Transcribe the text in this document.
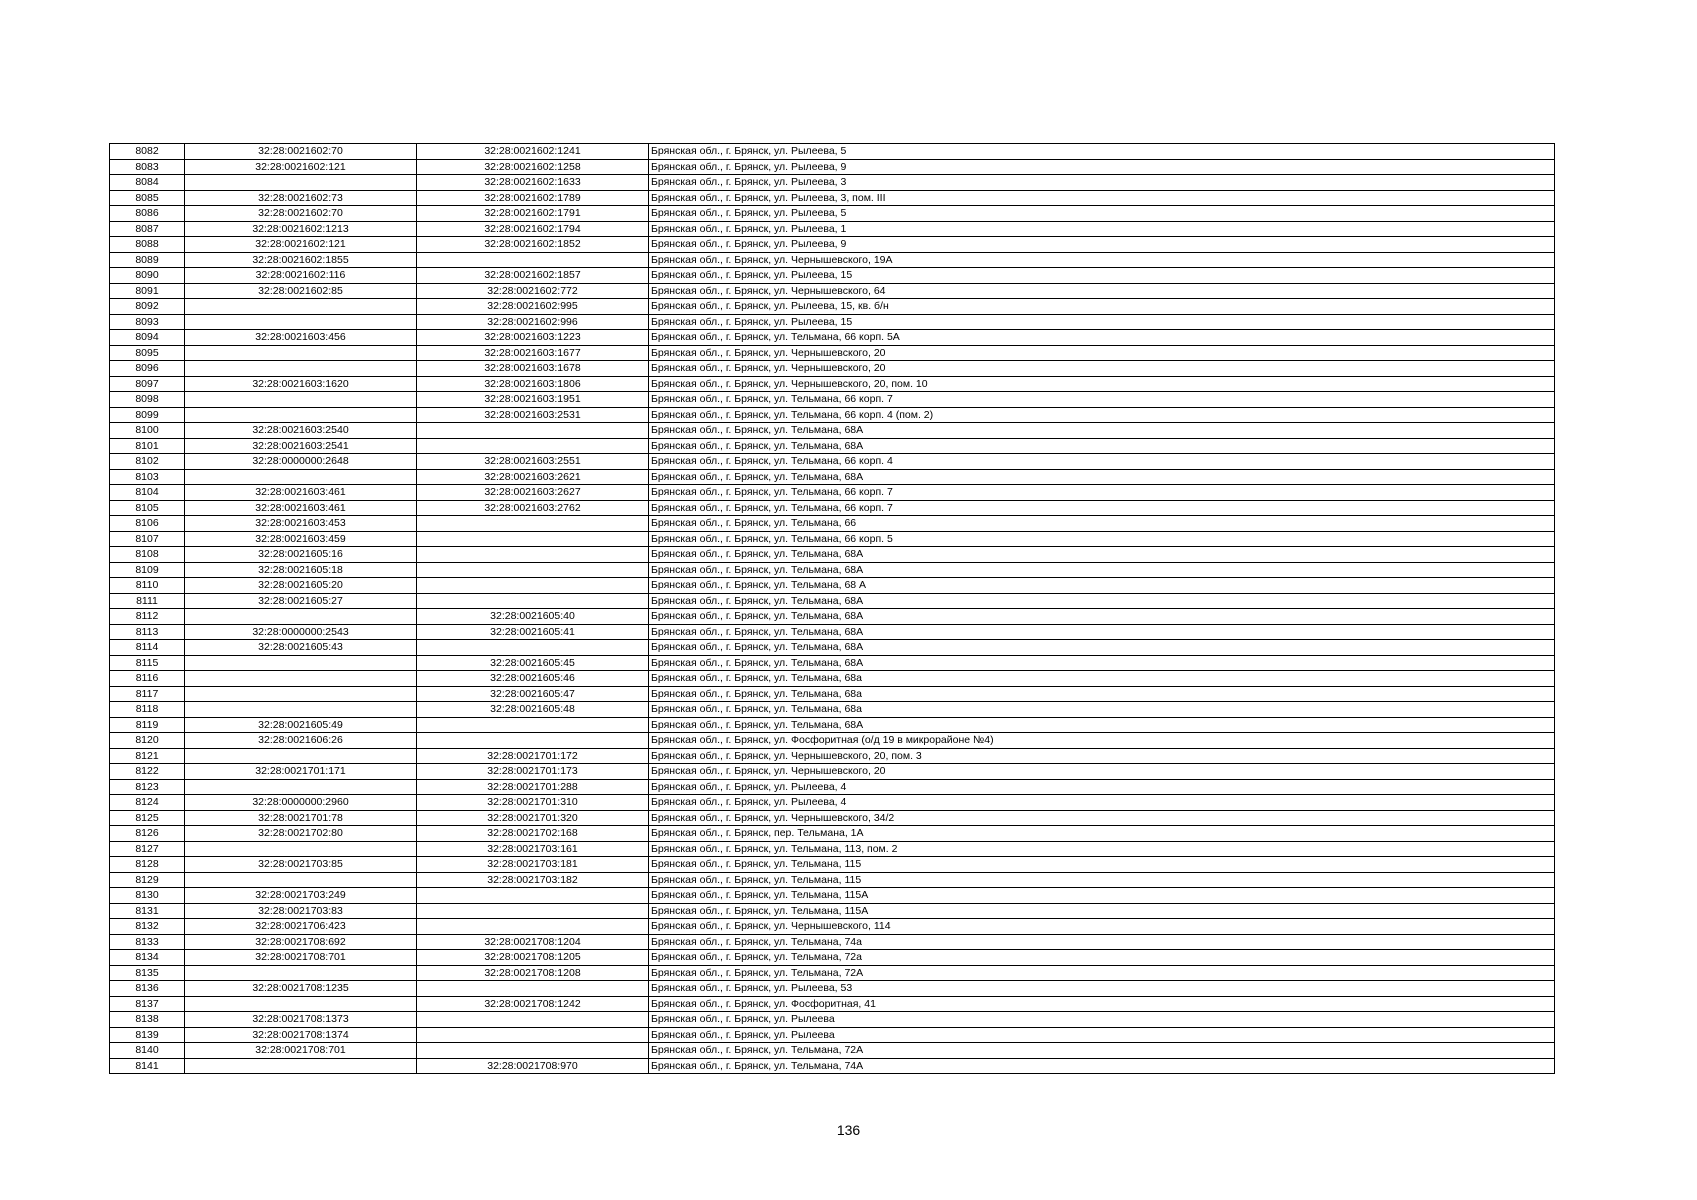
8082	32:28:0021602:70	32:28:0021602:1241	Брянская обл., г. Брянск, ул. Рылеева, 5
8083	32:28:0021602:121	32:28:0021602:1258	Брянская обл., г. Брянск, ул. Рылеева, 9
8084		32:28:0021602:1633	Брянская обл., г. Брянск, ул. Рылеева, 3
8085	32:28:0021602:73	32:28:0021602:1789	Брянская обл., г. Брянск, ул. Рылеева, 3, пом. III
8086	32:28:0021602:70	32:28:0021602:1791	Брянская обл., г. Брянск, ул. Рылеева, 5
8087	32:28:0021602:1213	32:28:0021602:1794	Брянская обл., г. Брянск, ул. Рылеева, 1
8088	32:28:0021602:121	32:28:0021602:1852	Брянская обл., г. Брянск, ул. Рылеева, 9
8089	32:28:0021602:1855		Брянская обл., г. Брянск, ул. Чернышевского, 19А
8090	32:28:0021602:116	32:28:0021602:1857	Брянская обл., г. Брянск, ул. Рылеева, 15
8091	32:28:0021602:85	32:28:0021602:772	Брянская обл., г. Брянск, ул. Чернышевского, 64
8092		32:28:0021602:995	Брянская обл., г. Брянск, ул. Рылеева, 15, кв. б/н
8093		32:28:0021602:996	Брянская обл., г. Брянск, ул. Рылеева, 15
8094	32:28:0021603:456	32:28:0021603:1223	Брянская обл., г. Брянск, ул. Тельмана, 66 корп. 5А
8095		32:28:0021603:1677	Брянская обл., г. Брянск, ул. Чернышевского, 20
8096		32:28:0021603:1678	Брянская обл., г. Брянск, ул. Чернышевского, 20
8097	32:28:0021603:1620	32:28:0021603:1806	Брянская обл., г. Брянск, ул. Чернышевского, 20, пом. 10
8098		32:28:0021603:1951	Брянская обл., г. Брянск, ул. Тельмана, 66 корп. 7
8099		32:28:0021603:2531	Брянская обл., г. Брянск, ул. Тельмана, 66 корп. 4 (пом. 2)
8100	32:28:0021603:2540		Брянская обл., г. Брянск, ул. Тельмана, 68А
8101	32:28:0021603:2541		Брянская обл., г. Брянск, ул. Тельмана, 68А
8102	32:28:0000000:2648	32:28:0021603:2551	Брянская обл., г. Брянск, ул. Тельмана, 66 корп. 4
8103		32:28:0021603:2621	Брянская обл., г. Брянск, ул. Тельмана, 68А
8104	32:28:0021603:461	32:28:0021603:2627	Брянская обл., г. Брянск, ул. Тельмана, 66 корп. 7
8105	32:28:0021603:461	32:28:0021603:2762	Брянская обл., г. Брянск, ул. Тельмана, 66 корп. 7
8106	32:28:0021603:453		Брянская обл., г. Брянск, ул. Тельмана, 66
8107	32:28:0021603:459		Брянская обл., г. Брянск, ул. Тельмана, 66 корп. 5
8108	32:28:0021605:16		Брянская обл., г. Брянск, ул. Тельмана, 68А
8109	32:28:0021605:18		Брянская обл., г. Брянск, ул. Тельмана, 68А
8110	32:28:0021605:20		Брянская обл., г. Брянск, ул. Тельмана, 68 А
8111	32:28:0021605:27		Брянская обл., г. Брянск, ул. Тельмана, 68А
8112		32:28:0021605:40	Брянская обл., г. Брянск, ул. Тельмана, 68А
8113	32:28:0000000:2543	32:28:0021605:41	Брянская обл., г. Брянск, ул. Тельмана, 68А
8114	32:28:0021605:43		Брянская обл., г. Брянск, ул. Тельмана, 68А
8115		32:28:0021605:45	Брянская обл., г. Брянск, ул. Тельмана, 68А
8116		32:28:0021605:46	Брянская обл., г. Брянск, ул. Тельмана, 68а
8117		32:28:0021605:47	Брянская обл., г. Брянск, ул. Тельмана, 68а
8118		32:28:0021605:48	Брянская обл., г. Брянск, ул. Тельмана, 68а
8119	32:28:0021605:49		Брянская обл., г. Брянск, ул. Тельмана, 68А
8120	32:28:0021606:26		Брянская обл., г. Брянск, ул. Фосфоритная (о/д 19 в микрорайоне №4)
8121		32:28:0021701:172	Брянская обл., г. Брянск, ул. Чернышевского, 20, пом. 3
8122	32:28:0021701:171	32:28:0021701:173	Брянская обл., г. Брянск, ул. Чернышевского, 20
8123		32:28:0021701:288	Брянская обл., г. Брянск, ул. Рылеева, 4
8124	32:28:0000000:2960	32:28:0021701:310	Брянская обл., г. Брянск, ул. Рылеева, 4
8125	32:28:0021701:78	32:28:0021701:320	Брянская обл., г. Брянск, ул. Чернышевского, 34/2
8126	32:28:0021702:80	32:28:0021702:168	Брянская обл., г. Брянск, пер. Тельмана, 1А
8127		32:28:0021703:161	Брянская обл., г. Брянск, ул. Тельмана, 113, пом. 2
8128	32:28:0021703:85	32:28:0021703:181	Брянская обл., г. Брянск, ул. Тельмана, 115
8129		32:28:0021703:182	Брянская обл., г. Брянск, ул. Тельмана, 115
8130	32:28:0021703:249		Брянская обл., г. Брянск, ул. Тельмана, 115А
8131	32:28:0021703:83		Брянская обл., г. Брянск, ул. Тельмана, 115А
8132	32:28:0021706:423		Брянская обл., г. Брянск, ул. Чернышевского, 114
8133	32:28:0021708:692	32:28:0021708:1204	Брянская обл., г. Брянск, ул. Тельмана, 74а
8134	32:28:0021708:701	32:28:0021708:1205	Брянская обл., г. Брянск, ул. Тельмана, 72а
8135		32:28:0021708:1208	Брянская обл., г. Брянск, ул. Тельмана, 72А
8136	32:28:0021708:1235		Брянская обл., г. Брянск, ул. Рылеева, 53
8137		32:28:0021708:1242	Брянская обл., г. Брянск, ул. Фосфоритная, 41
8138	32:28:0021708:1373		Брянская обл., г. Брянск, ул. Рылеева
8139	32:28:0021708:1374		Брянская обл., г. Брянск, ул. Рылеева
8140	32:28:0021708:701		Брянская обл., г. Брянск, ул. Тельмана, 72А
8141		32:28:0021708:970	Брянская обл., г. Брянск, ул. Тельмана, 74А
136
